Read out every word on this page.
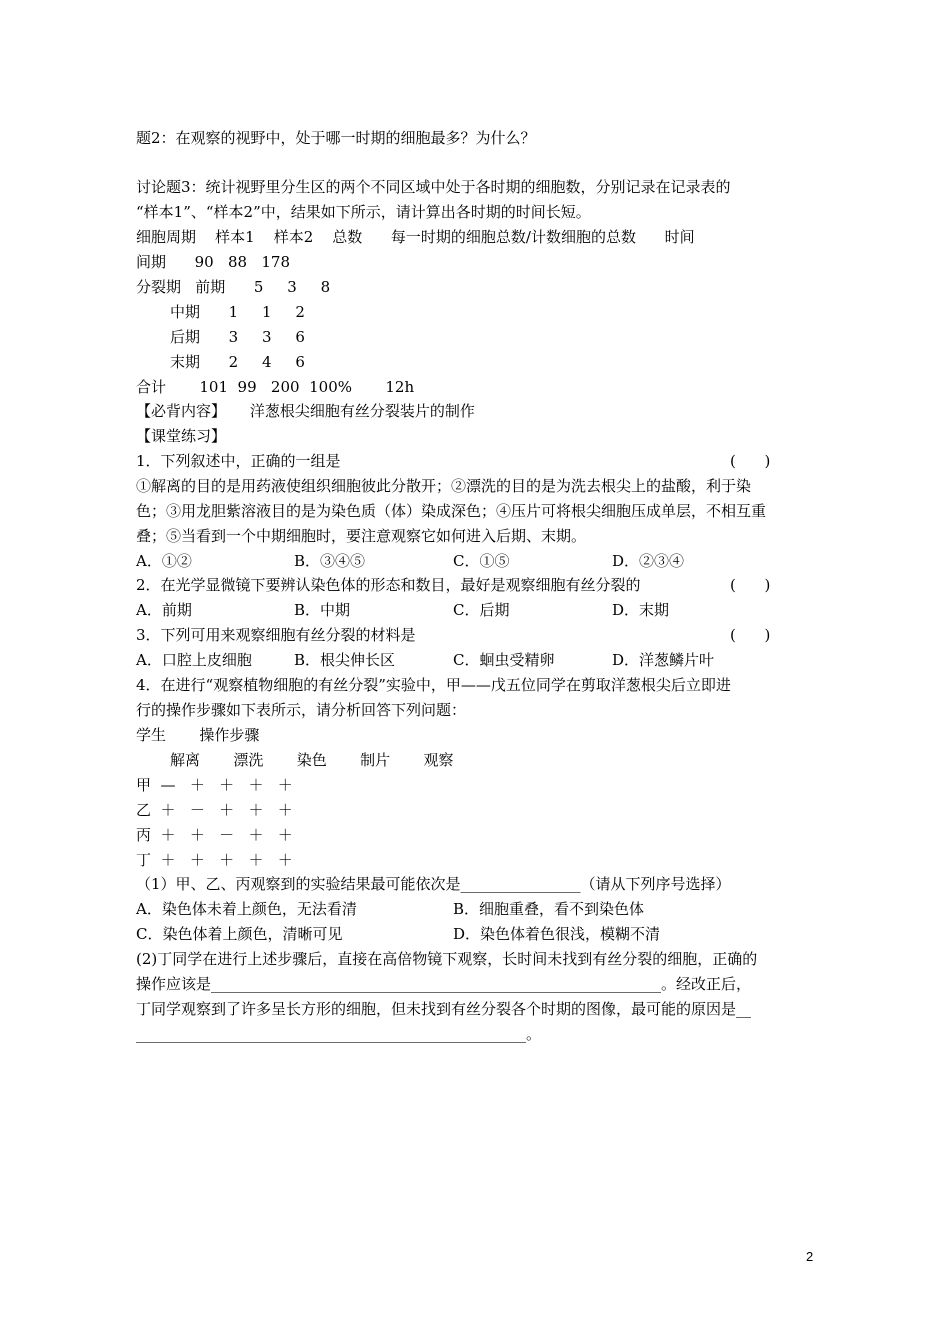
题2：在观察的视野中，处于哪一时期的细胞最多？为什么？
讨论题3：统计视野里分生区的两个不同区域中处于各时期的细胞数，分别记录在记录表的
“样本1”、“样本2”中，结果如下所示，请计算出各时期的时间长短。
细胞周期    样本1    样本2    总数      每一时期的细胞总数/计数细胞的总数      时间
间期      90   88   178
分裂期   前期      5     3     8
中期      1     1     2
后期      3     3     6
末期      2     4     6
合计       101  99   200  100%       12h
【必背内容】     洋葱根尖细胞有丝分裂装片的制作
【课堂练习】
1．下列叙述中，正确的一组是	(      )
①解离的目的是用药液使组织细胞彼此分散开；②漂洗的目的是为洗去根尖上的盐酸，利于染
色；③用龙胆紫溶液目的是为染色质（体）染成深色；④压片可将根尖细胞压成单层，不相互重
叠；⑤当看到一个中期细胞时，要注意观察它如何进入后期、末期。
A．①②	B．③④⑤	C．①⑤	D．②③④
2．在光学显微镜下要辨认染色体的形态和数目，最好是观察细胞有丝分裂的	(      )
A．前期	B．中期	C．后期	D．末期
3．下列可用来观察细胞有丝分裂的材料是	(      )
A．口腔上皮细胞	B．根尖伸长区	C．蛔虫受精卵	D．洋葱鳞片叶
4．在进行“观察植物细胞的有丝分裂”实验中，甲——戊五位同学在剪取洋葱根尖后立即进
行的操作步骤如下表所示，请分析回答下列问题：
学生       操作步骤
解离       漂洗       染色       制片       观察
甲  —   ＋   ＋   ＋   ＋
乙  ＋   －   ＋   ＋   ＋
丙  ＋   ＋   －   ＋   ＋
丁  ＋   ＋   ＋   ＋   ＋
（1）甲、乙、丙观察到的实验结果最可能依次是________________（请从下列序号选择）
A．染色体未着上颜色，无法看清	B．细胞重叠，看不到染色体
C．染色体着上颜色，清晰可见	D．染色体着色很浅，模糊不清
(2)丁同学在进行上述步骤后，直接在高倍物镜下观察，长时间未找到有丝分裂的细胞，正确的
操作应该是____________________________________________________________。经改正后，
丁同学观察到了许多呈长方形的细胞，但未找到有丝分裂各个时期的图像，最可能的原因是__
____________________________________________________。
2
